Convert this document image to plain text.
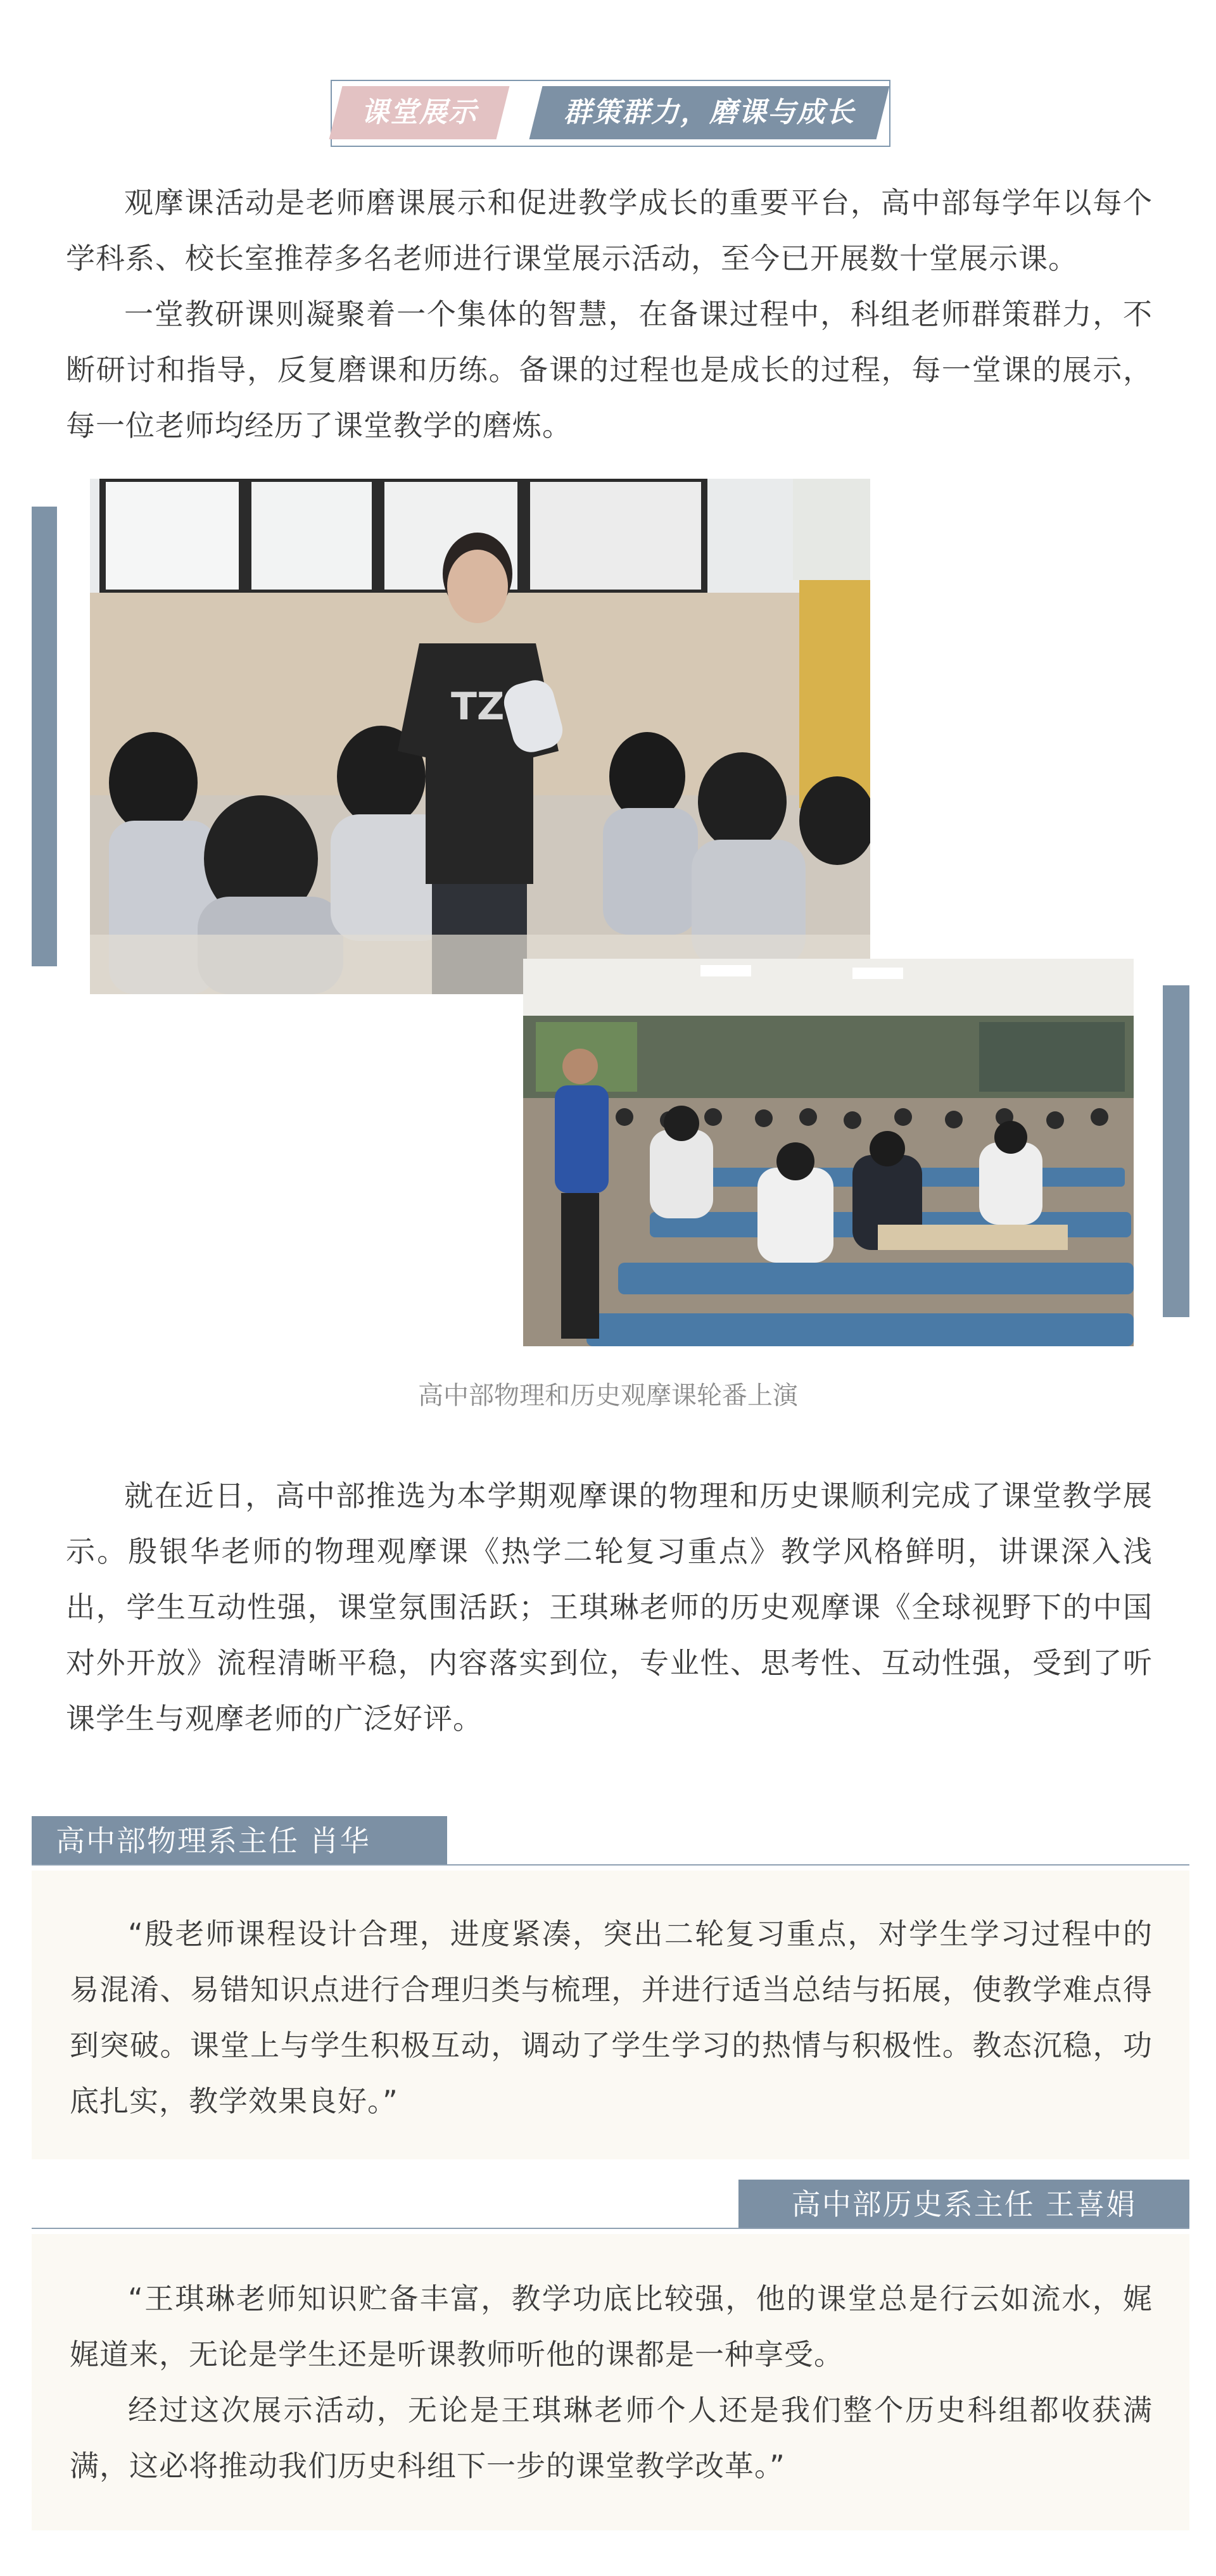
课堂展示	群策群力，磨课与成长

观摩课活动是老师磨课展示和促进教学成长的重要平台，高中部每学年以每个学科系、校长室推荐多名老师进行课堂展示活动，至今已开展数十堂展示课。

一堂教研课则凝聚着一个集体的智慧，在备课过程中，科组老师群策群力，不断研讨和指导，反复磨课和历练。备课的过程也是成长的过程，每一堂课的展示，每一位老师均经历了课堂教学的磨炼。

TZ
高中部物理和历史观摩课轮番上演

就在近日，高中部推选为本学期观摩课的物理和历史课顺利完成了课堂教学展示。殷银华老师的物理观摩课《热学二轮复习重点》教学风格鲜明，讲课深入浅出，学生互动性强，课堂氛围活跃；王琪琳老师的历史观摩课《全球视野下的中国对外开放》流程清晰平稳，内容落实到位，专业性、思考性、互动性强，受到了听课学生与观摩老师的广泛好评。

高中部物理系主任 肖华

“殷老师课程设计合理，进度紧凑，突出二轮复习重点，对学生学习过程中的易混淆、易错知识点进行合理归类与梳理，并进行适当总结与拓展，使教学难点得到突破。课堂上与学生积极互动，调动了学生学习的热情与积极性。教态沉稳，功底扎实，教学效果良好。”

高中部历史系主任 王喜娟

“王琪琳老师知识贮备丰富，教学功底比较强，他的课堂总是行云如流水，娓娓道来，无论是学生还是听课教师听他的课都是一种享受。

经过这次展示活动，无论是王琪琳老师个人还是我们整个历史科组都收获满满，这必将推动我们历史科组下一步的课堂教学改革。”
